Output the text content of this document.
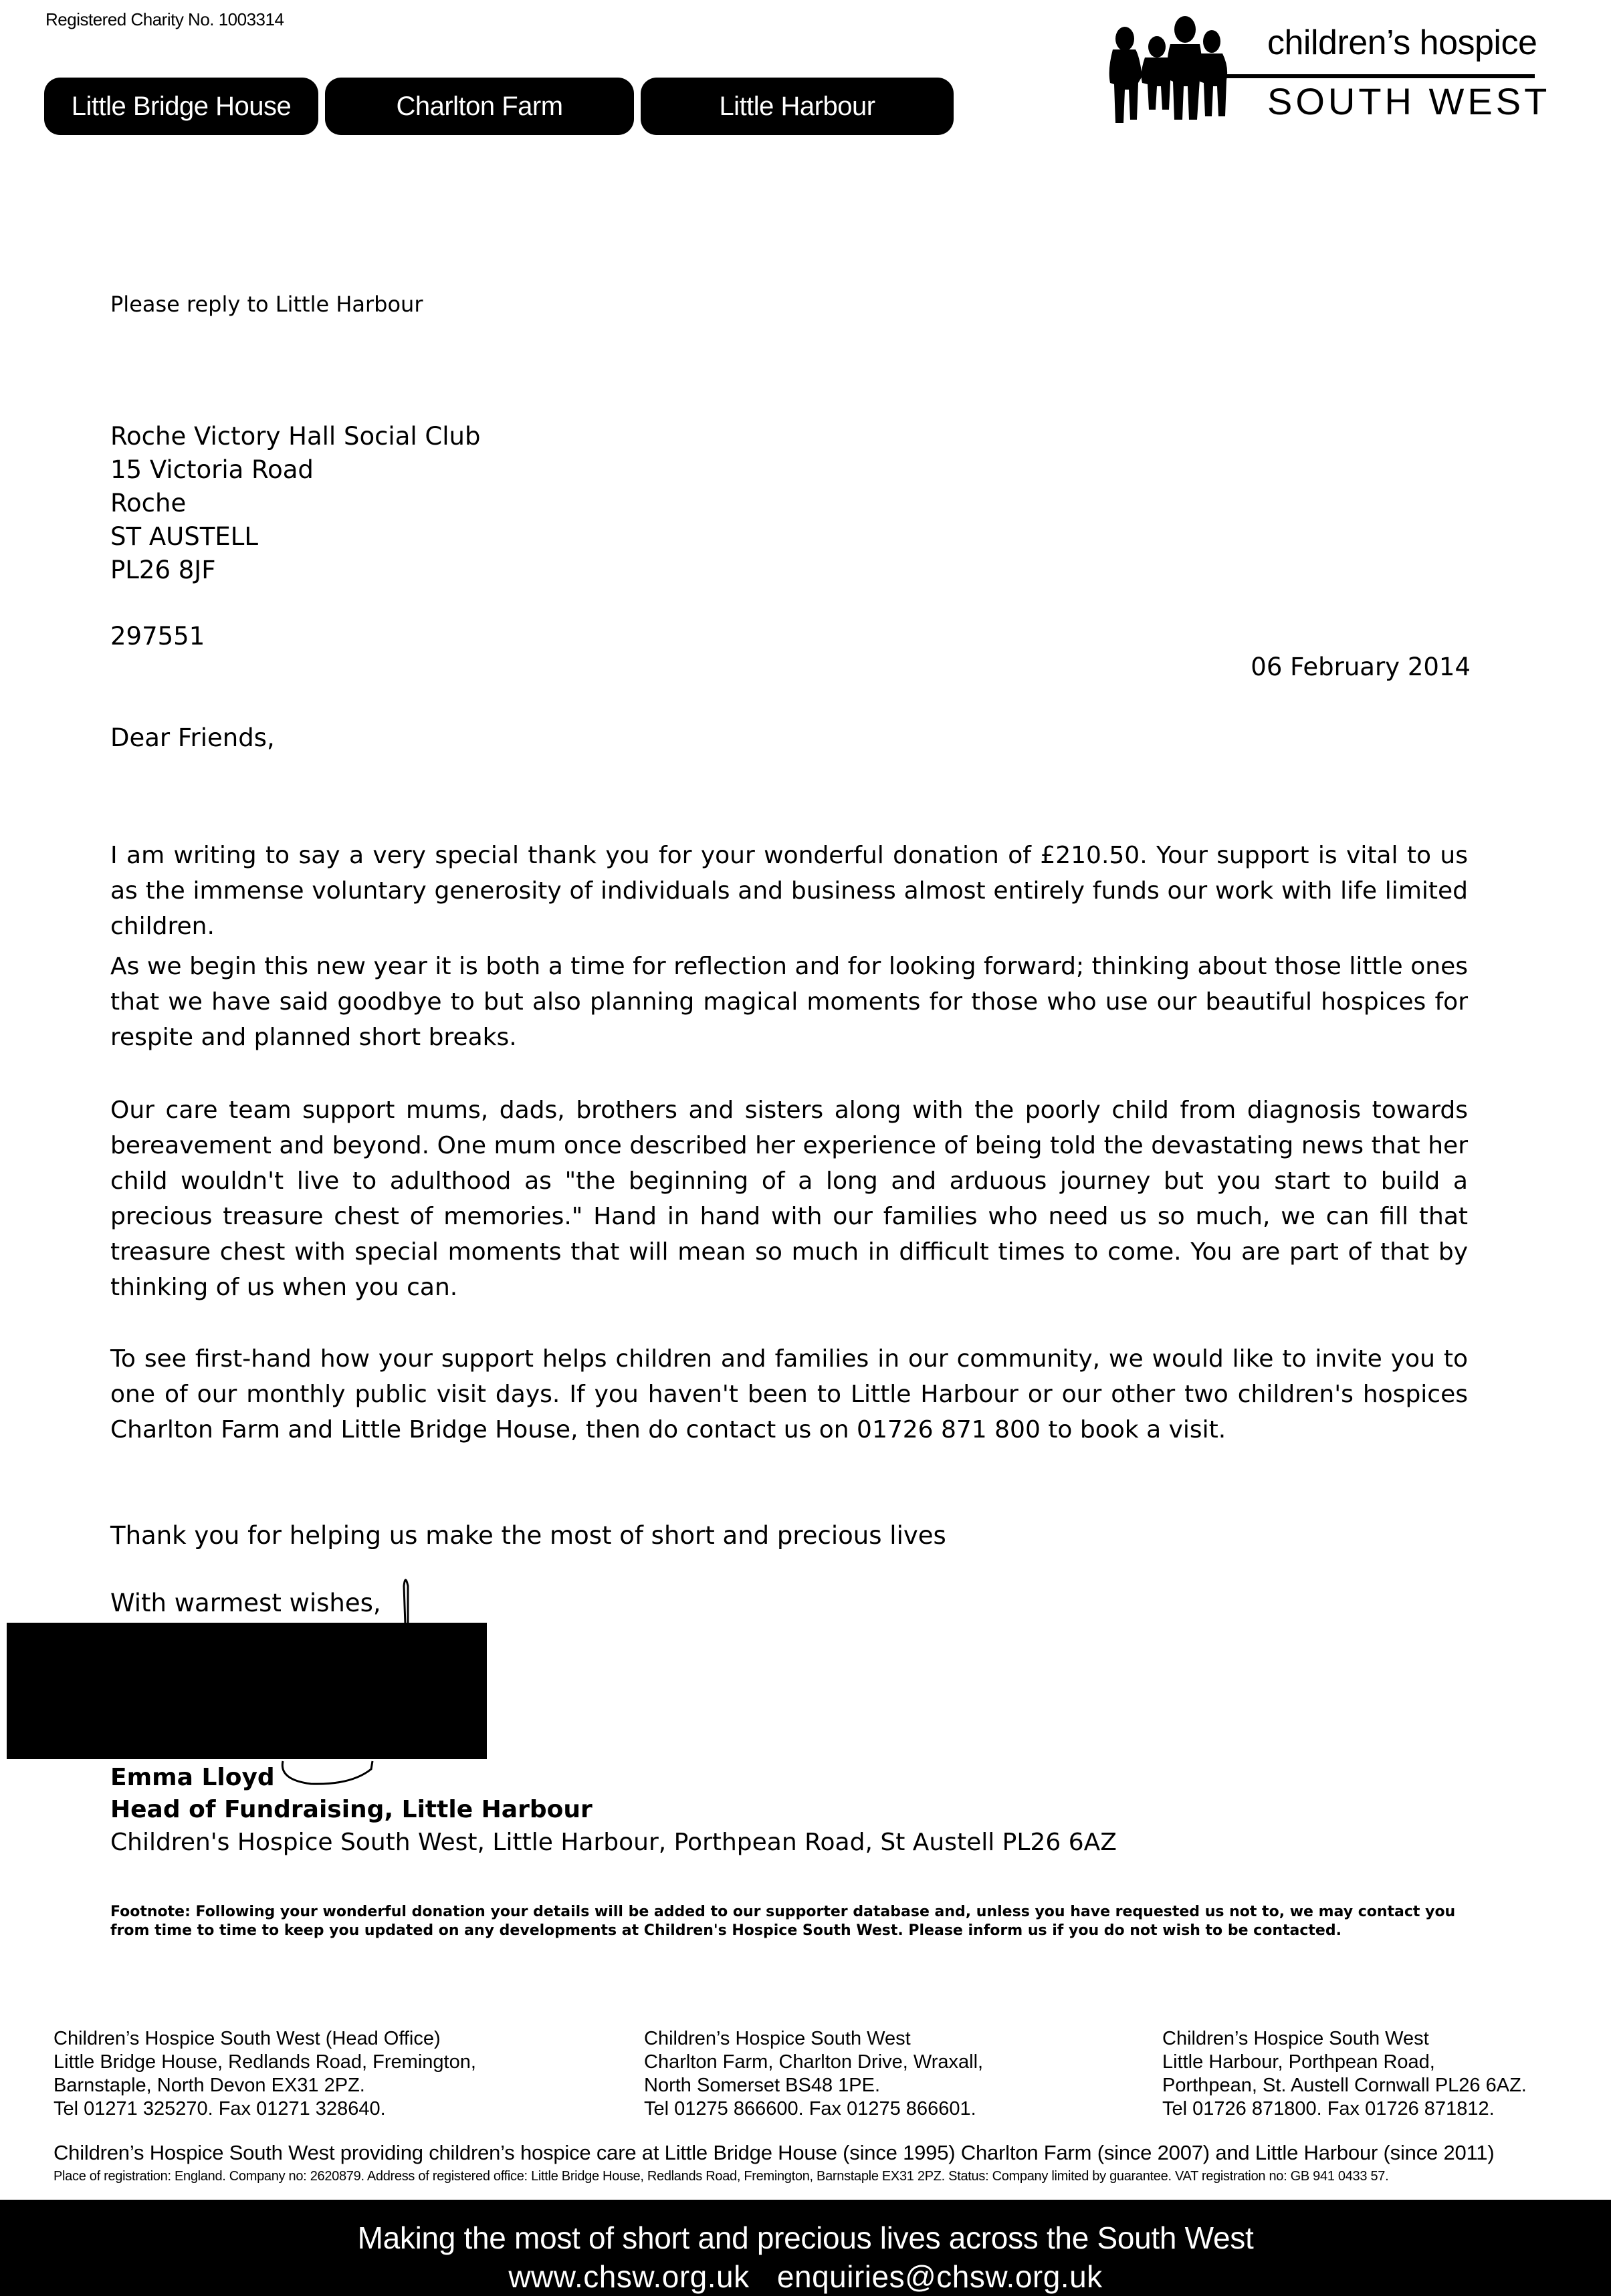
Registered Charity No. 1003314
Little Bridge House	Charlton Farm	Little Harbour
children’s hospice
SOUTH WEST
Please reply to Little Harbour
Roche Victory Hall Social Club
15 Victoria Road
Roche
ST AUSTELL
PL26 8JF
297551
06 February 2014
Dear Friends,

I am writing to say a very special thank you for your wonderful donation of £210.50. Your support is vital to us as the immense voluntary generosity of individuals and business almost entirely funds our work with life limited children.

As we begin this new year it is both a time for reflection and for looking forward; thinking about those little ones that we have said goodbye to but also planning magical moments for those who use our beautiful hospices for respite and planned short breaks.

Our care team support mums, dads, brothers and sisters along with the poorly child from diagnosis towards bereavement and beyond. One mum once described her experience of being told the devastating news that her child wouldn't live to adulthood as "the beginning of a long and arduous journey but you start to build a precious treasure chest of memories." Hand in hand with our families who need us so much, we can fill that treasure chest with special moments that will mean so much in difficult times to come. You are part of that by thinking of us when you can.

To see first-hand how your support helps children and families in our community, we would like to invite you to one of our monthly public visit days. If you haven't been to Little Harbour or our other two children's hospices Charlton Farm and Little Bridge House, then do contact us on 01726 871 800 to book a visit.

Thank you for helping us make the most of short and precious lives
With warmest wishes,
Emma Lloyd
Head of Fundraising, Little Harbour
Children's Hospice South West, Little Harbour, Porthpean Road, St Austell PL26 6AZ
Footnote: Following your wonderful donation your details will be added to our supporter database and, unless you have requested us not to, we may contact you from time to time to keep you updated on any developments at Children's Hospice South West. Please inform us if you do not wish to be contacted.
Children’s Hospice South West (Head Office)
Little Bridge House, Redlands Road, Fremington,
Barnstaple, North Devon EX31 2PZ.
Tel 01271 325270. Fax 01271 328640.
Children’s Hospice South West
Charlton Farm, Charlton Drive, Wraxall,
North Somerset BS48 1PE.
Tel 01275 866600. Fax 01275 866601.
Children’s Hospice South West
Little Harbour, Porthpean Road,
Porthpean, St. Austell Cornwall PL26 6AZ.
Tel 01726 871800. Fax 01726 871812.
Children’s Hospice South West providing children’s hospice care at Little Bridge House (since 1995) Charlton Farm (since 2007) and Little Harbour (since 2011)
Place of registration: England. Company no: 2620879. Address of registered office: Little Bridge House, Redlands Road, Fremington, Barnstaple EX31 2PZ. Status: Company limited by guarantee. VAT registration no: GB 941 0433 57.
Making the most of short and precious lives across the South West
www.chsw.org.uk enquiries@chsw.org.uk
